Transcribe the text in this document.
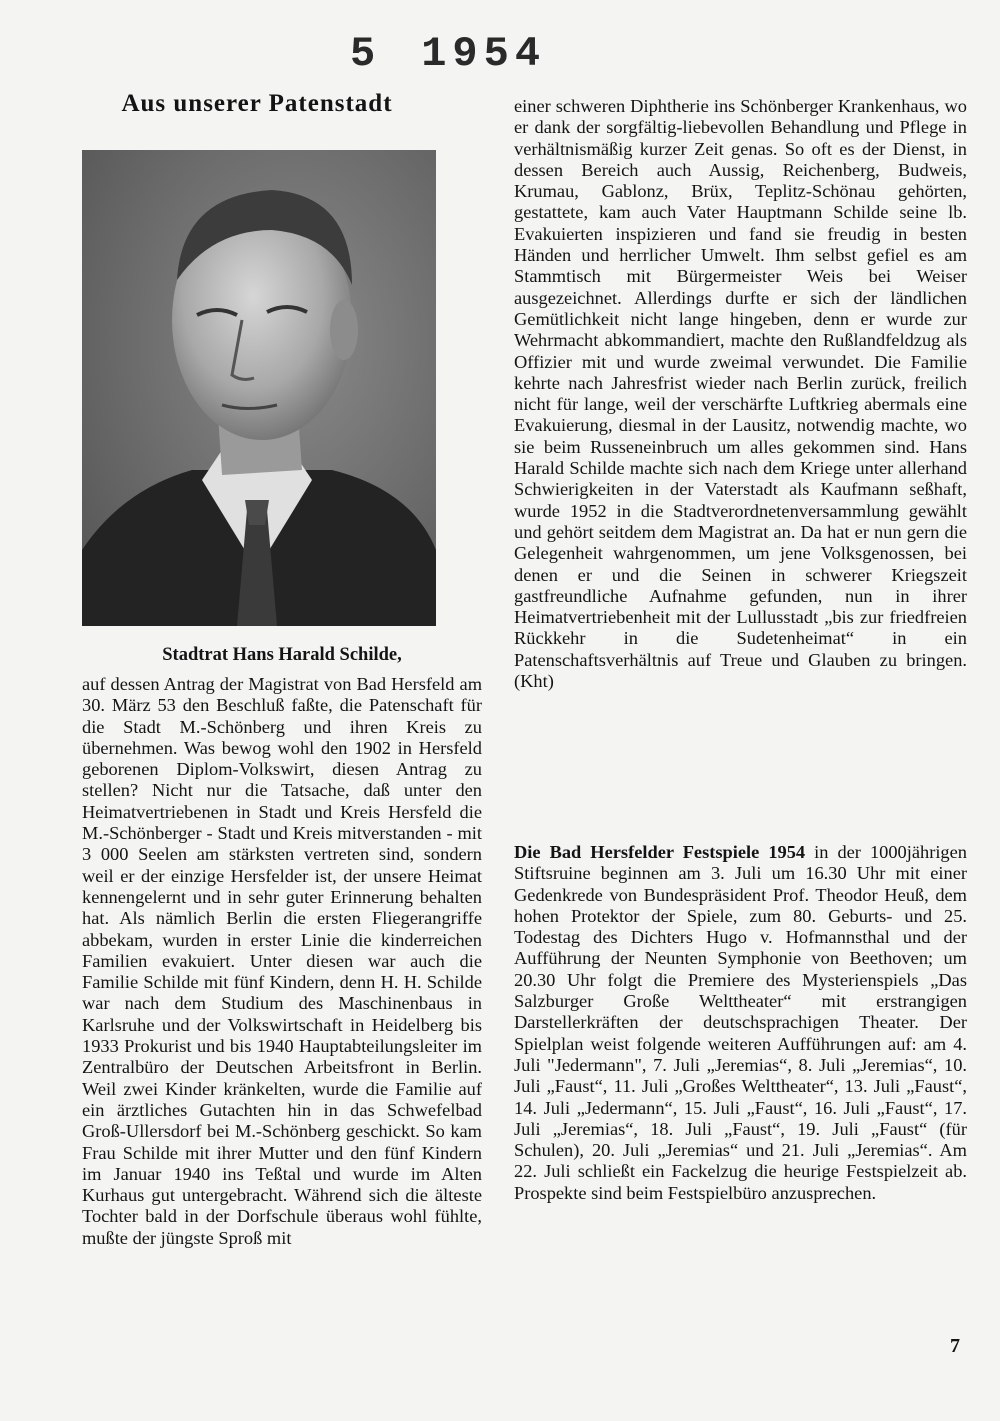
5 1954
Aus unserer Patenstadt
Stadtrat Hans Harald Schilde,

auf dessen Antrag der Magistrat von Bad Hersfeld am 30. März 53 den Beschluß faßte, die Patenschaft für die Stadt M.-Schönberg und ihren Kreis zu übernehmen. Was bewog wohl den 1902 in Hersfeld geborenen Diplom-Volkswirt, diesen Antrag zu stellen? Nicht nur die Tatsache, daß unter den Heimatvertriebenen in Stadt und Kreis Hersfeld die M.-Schönberger - Stadt und Kreis mitverstanden - mit 3 000 Seelen am stärksten vertreten sind, sondern weil er der einzige Hersfelder ist, der unsere Heimat kennengelernt und in sehr guter Erinnerung behalten hat. Als nämlich Berlin die ersten Fliegerangriffe abbekam, wurden in erster Linie die kinderreichen Familien evakuiert. Unter diesen war auch die Familie Schilde mit fünf Kindern, denn H. H. Schilde war nach dem Studium des Maschinenbaus in Karlsruhe und der Volkswirtschaft in Heidelberg bis 1933 Prokurist und bis 1940 Hauptabteilungsleiter im Zentralbüro der Deutschen Arbeitsfront in Berlin. Weil zwei Kinder kränkelten, wurde die Familie auf ein ärztliches Gutachten hin in das Schwefelbad Groß-Ullersdorf bei M.-Schönberg geschickt. So kam Frau Schilde mit ihrer Mutter und den fünf Kindern im Januar 1940 ins Teßtal und wurde im Alten Kurhaus gut untergebracht. Während sich die älteste Tochter bald in der Dorfschule überaus wohl fühlte, mußte der jüngste Sproß mit

einer schweren Diphtherie ins Schönberger Krankenhaus, wo er dank der sorgfältig-liebevollen Behandlung und Pflege in verhältnismäßig kurzer Zeit genas. So oft es der Dienst, in dessen Bereich auch Aussig, Reichenberg, Budweis, Krumau, Gablonz, Brüx, Teplitz-Schönau gehörten, gestattete, kam auch Vater Hauptmann Schilde seine lb. Evakuierten inspizieren und fand sie freudig in besten Händen und herrlicher Umwelt. Ihm selbst gefiel es am Stammtisch mit Bürgermeister Weis bei Weiser ausgezeichnet. Allerdings durfte er sich der ländlichen Gemütlichkeit nicht lange hingeben, denn er wurde zur Wehrmacht abkommandiert, machte den Rußlandfeldzug als Offizier mit und wurde zweimal verwundet. Die Familie kehrte nach Jahresfrist wieder nach Berlin zurück, freilich nicht für lange, weil der verschärfte Luftkrieg abermals eine Evakuierung, diesmal in der Lausitz, notwendig machte, wo sie beim Russeneinbruch um alles gekommen sind. Hans Harald Schilde machte sich nach dem Kriege unter allerhand Schwierigkeiten in der Vaterstadt als Kaufmann seßhaft, wurde 1952 in die Stadtverordnetenversammlung gewählt und gehört seitdem dem Magistrat an. Da hat er nun gern die Gelegenheit wahrgenommen, um jene Volksgenossen, bei denen er und die Seinen in schwerer Kriegszeit gastfreundliche Aufnahme gefunden, nun in ihrer Heimatvertriebenheit mit der Lullusstadt „bis zur friedfreien Rückkehr in die Sudetenheimat“ in ein Patenschaftsverhältnis auf Treue und Glauben zu bringen. (Kht)

Die Bad Hersfelder Festspiele 1954 in der 1000jährigen Stiftsruine beginnen am 3. Juli um 16.30 Uhr mit einer Gedenkrede von Bundespräsident Prof. Theodor Heuß, dem hohen Protektor der Spiele, zum 80. Geburts- und 25. Todestag des Dichters Hugo v. Hofmannsthal und der Aufführung der Neunten Symphonie von Beethoven; um 20.30 Uhr folgt die Premiere des Mysterienspiels „Das Salzburger Große Welttheater“ mit erstrangigen Darstellerkräften der deutschsprachigen Theater. Der Spielplan weist folgende weiteren Aufführungen auf: am 4. Juli "Jedermann", 7. Juli „Jeremias“, 8. Juli „Jeremias“, 10. Juli „Faust“, 11. Juli „Großes Welttheater“, 13. Juli „Faust“, 14. Juli „Jedermann“, 15. Juli „Faust“, 16. Juli „Faust“, 17. Juli „Jeremias“, 18. Juli „Faust“, 19. Juli „Faust“ (für Schulen), 20. Juli „Jeremias“ und 21. Juli „Jeremias“. Am 22. Juli schließt ein Fackelzug die heurige Festspielzeit ab. Prospekte sind beim Festspielbüro anzusprechen.

7
